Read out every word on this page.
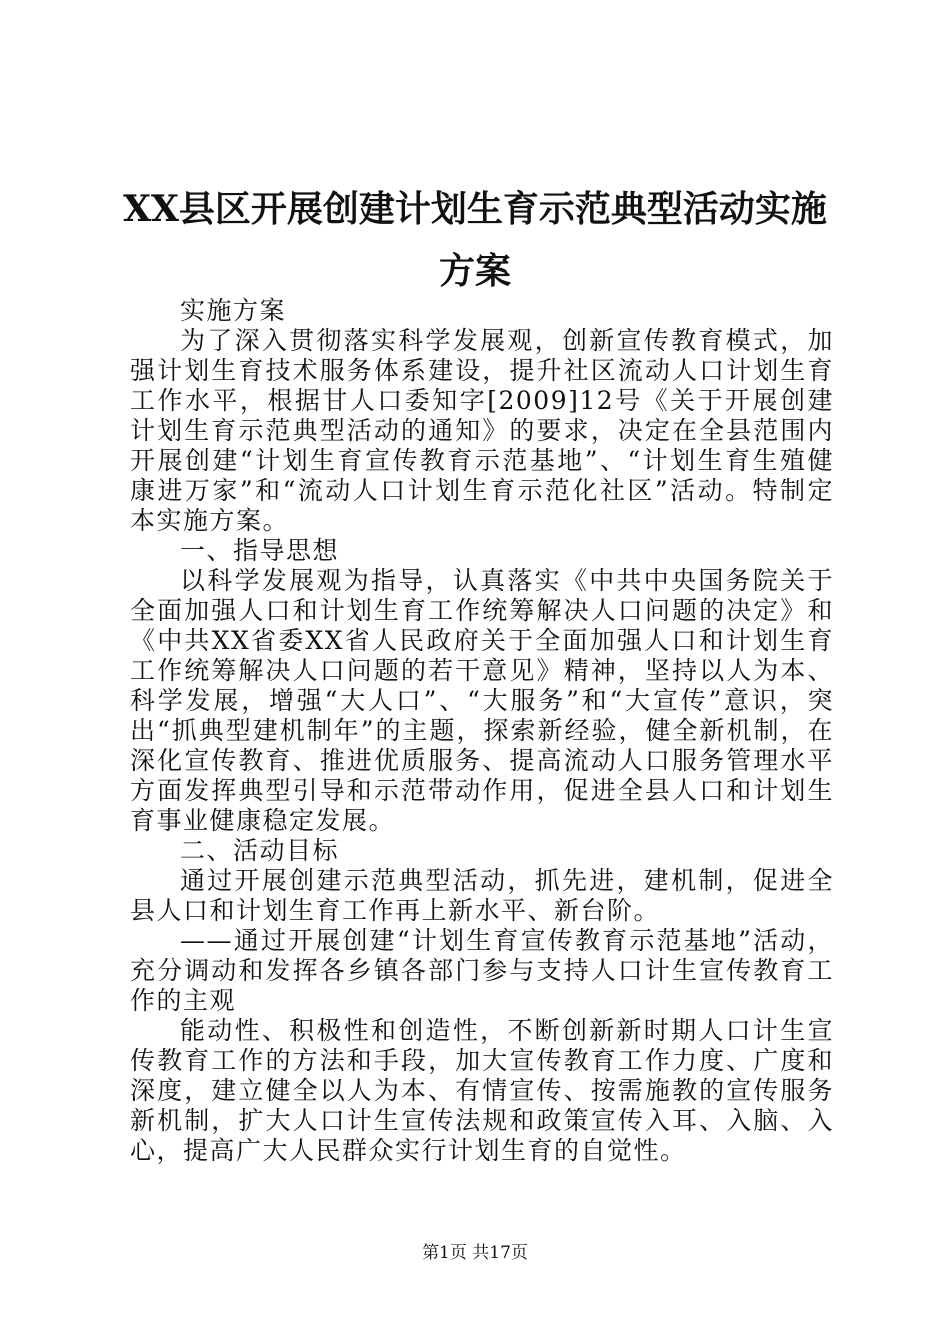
XX县区开展创建计划生育示范典型活动实施方案

实施方案

为了深入贯彻落实科学发展观，创新宣传教育模式，加强计划生育技术服务体系建设，提升社区流动人口计划生育工作水平，根据甘人口委知字[2009]12号《关于开展创建计划生育示范典型活动的通知》的要求，决定在全县范围内开展创建“计划生育宣传教育示范基地”、“计划生育生殖健康进万家”和“流动人口计划生育示范化社区”活动。特制定本实施方案。

一、指导思想

以科学发展观为指导，认真落实《中共中央国务院关于全面加强人口和计划生育工作统筹解决人口问题的决定》和《中共XX省委XX省人民政府关于全面加强人口和计划生育工作统筹解决人口问题的若干意见》精神，坚持以人为本、科学发展，增强“大人口”、“大服务”和“大宣传”意识，突出“抓典型建机制年”的主题，探索新经验，健全新机制，在深化宣传教育、推进优质服务、提高流动人口服务管理水平方面发挥典型引导和示范带动作用，促进全县人口和计划生育事业健康稳定发展。

二、活动目标

通过开展创建示范典型活动，抓先进，建机制，促进全县人口和计划生育工作再上新水平、新台阶。

——通过开展创建“计划生育宣传教育示范基地”活动，充分调动和发挥各乡镇各部门参与支持人口计生宣传教育工作的主观

能动性、积极性和创造性，不断创新新时期人口计生宣传教育工作的方法和手段，加大宣传教育工作力度、广度和深度，建立健全以人为本、有情宣传、按需施教的宣传服务新机制，扩大人口计生宣传法规和政策宣传入耳、入脑、入心，提高广大人民群众实行计划生育的自觉性。

第1页 共17页
